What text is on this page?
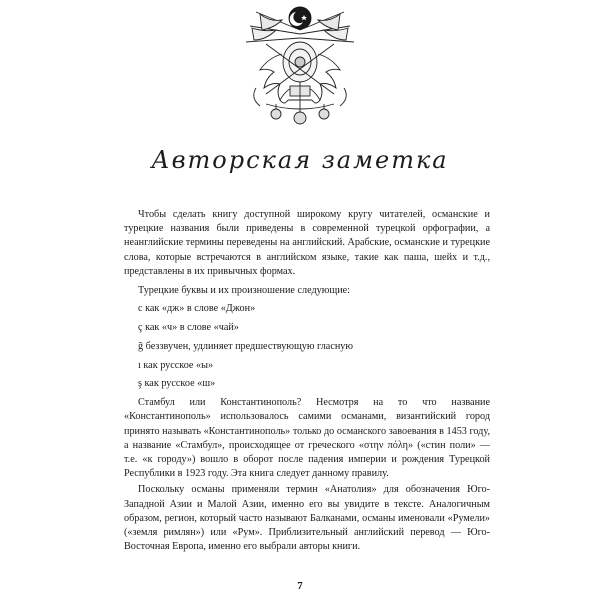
Авторская заметка

Чтобы сделать книгу доступной широкому кругу читателей, османские и турецкие названия были приведены в современной турецкой орфографии, а неанглийские термины переведены на английский. Арабские, османские и турецкие слова, которые встречаются в английском языке, такие как паша, шейх и т.д., представлены в их привычных формах.

Турецкие буквы и их произношение следующие:

c как «дж» в слове «Джон»

ç как «ч» в слове «чай»

ğ беззвучен, удлиняет предшествующую гласную

ı как русское «ы»

ş как русское «ш»

Стамбул или Константинополь? Несмотря на то что название «Константинополь» использовалось самими османами, византийский город принято называть «Константинополь» только до османского завоевания в 1453 году, а название «Стамбул», происходящее от греческого «στην πόλη» («стин поли» — т.е. «к городу») вошло в оборот после падения империи и рождения Турецкой Республики в 1923 году. Эта книга следует данному правилу.

Поскольку османы применяли термин «Анатолия» для обозначения Юго-Западной Азии и Малой Азии, именно его вы увидите в тексте. Аналогичным образом, регион, который часто называют Балканами, османы именовали «Румели» («земля римлян») или «Рум». Приблизительный английский перевод — Юго-Восточная Европа, именно его выбрали авторы книги.

7
